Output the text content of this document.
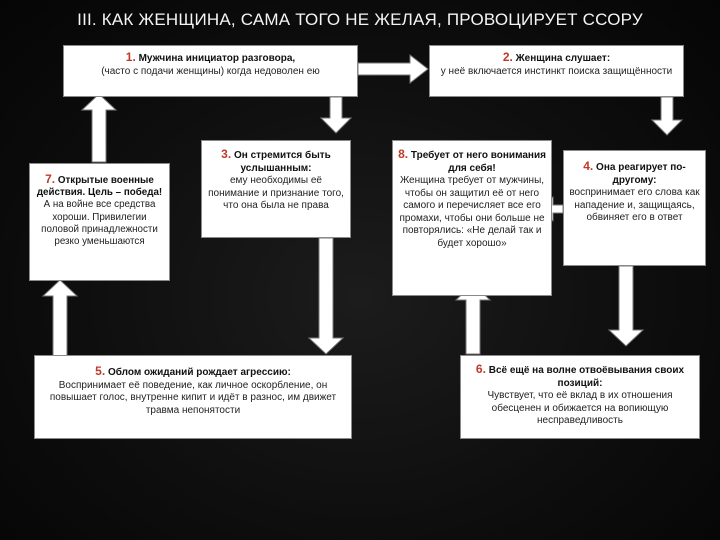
III. КАК ЖЕНЩИНА, САМА ТОГО НЕ ЖЕЛАЯ, ПРОВОЦИРУЕТ ССОРУ
1. Мужчина инициатор разговора,
(часто с подачи женщины) когда недоволен ею
2. Женщина слушает:
у неё включается инстинкт поиска защищённости
7. Открытые военные действия. Цель – победа! А на войне все средства хороши. Привилегии половой принадлежности резко уменьшаются
3. Он стремится быть услышанным:
ему необходимы её понимание и признание того, что она была не права
8. Требует от него вонимания для себя!
Женщина требует от мужчины, чтобы он защитил её от него самого и перечисляет все его промахи, чтобы они больше не повторялись: «Не делай так и будет хорошо»
4. Она реагирует по- другому:
воспринимает его слова как нападение и, защищаясь, обвиняет его в ответ
5. Облом ожиданий рождает агрессию:
Воспринимает её поведение, как личное оскорбление, он повышает голос, внутренне кипит и идёт в разнос, им движет травма непонятости
6. Всё ещё на волне отвоёвывания своих позиций:
Чувствует, что её вклад в их отношения обесценен и обижается на вопиющую несправедливость
